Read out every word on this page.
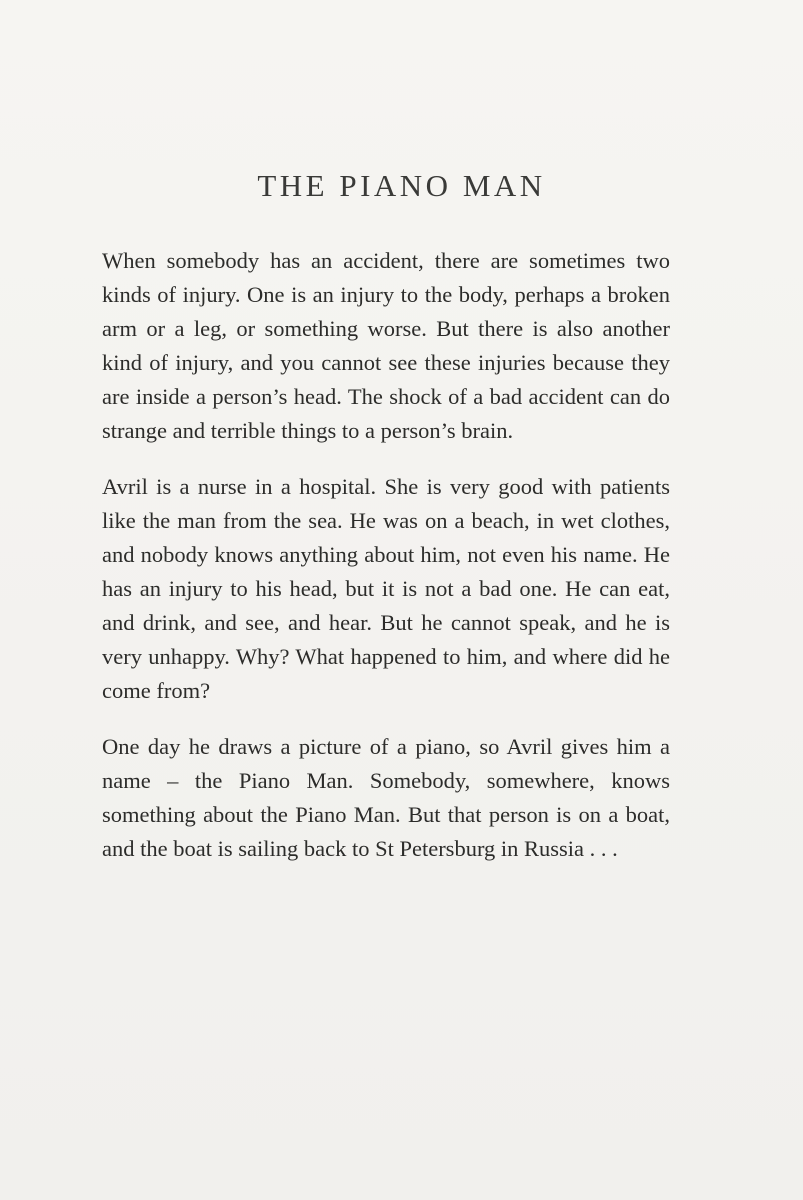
THE PIANO MAN

When somebody has an accident, there are sometimes two kinds of injury. One is an injury to the body, perhaps a broken arm or a leg, or something worse. But there is also another kind of injury, and you cannot see these injuries because they are inside a person’s head. The shock of a bad accident can do strange and terrible things to a person’s brain.

Avril is a nurse in a hospital. She is very good with patients like the man from the sea. He was on a beach, in wet clothes, and nobody knows anything about him, not even his name. He has an injury to his head, but it is not a bad one. He can eat, and drink, and see, and hear. But he cannot speak, and he is very unhappy. Why? What happened to him, and where did he come from?

One day he draws a picture of a piano, so Avril gives him a name – the Piano Man. Somebody, somewhere, knows something about the Piano Man. But that person is on a boat, and the boat is sailing back to St Petersburg in Russia . . .
